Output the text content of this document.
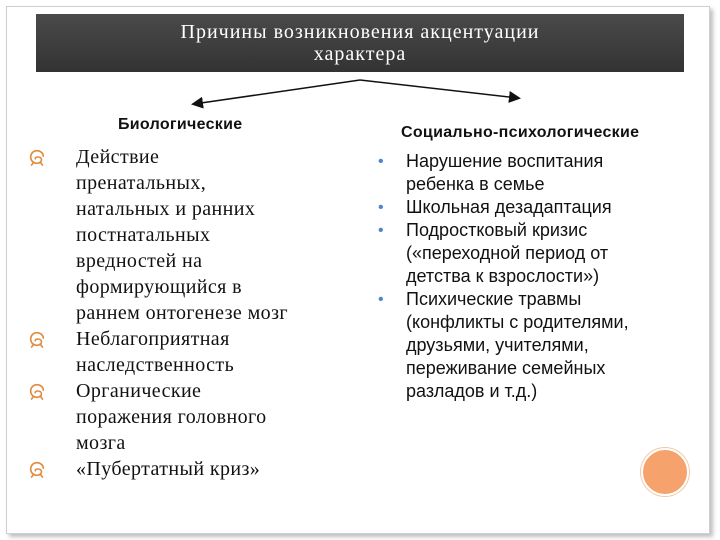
Причины возникновения акцентуации
характера
Биологические	Социально-психологические
Действие
пренатальных,
натальных и ранних
постнатальных
вредностей на
формирующийся в
раннем онтогенезе мозг
Неблагоприятная
наследственность
Органические
поражения головного
мозга
«Пубертатный криз»
• Нарушение воспитания
ребенка в семье
• Школьная дезадаптация
• Подростковый кризис
(«переходной период от
детства к взрослости»)
• Психические травмы
(конфликты с родителями,
друзьями, учителями,
переживание семейных
разладов и т.д.)
